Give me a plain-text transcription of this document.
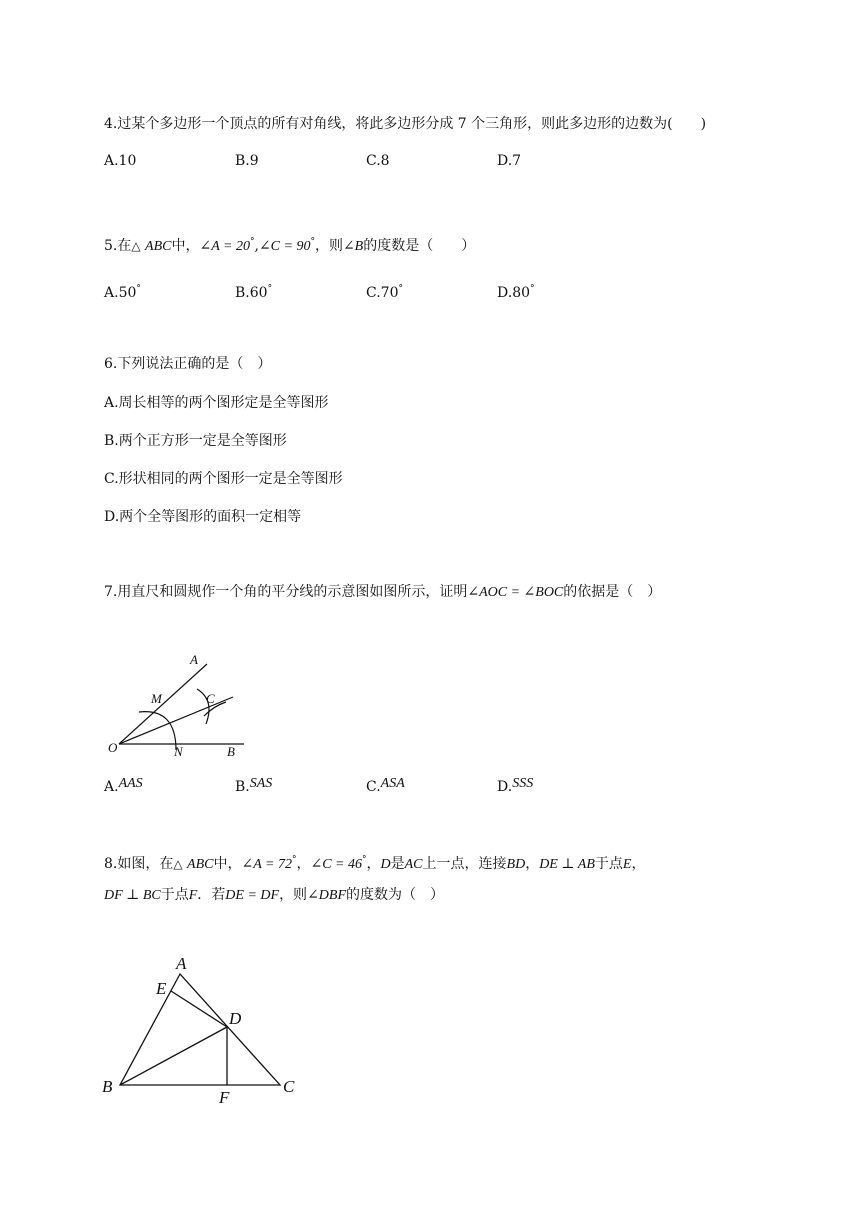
4.过某个多边形一个顶点的所有对角线，将此多边形分成 7 个三角形，则此多边形的边数为(　　)
A.10	B.9	C.8	D.7
5.在△ ABC中，∠A = 20°,∠C = 90°，则∠B的度数是（　　）
A.50°	B.60°	C.70°	D.80°
6.下列说法正确的是（　）
A.周长相等的两个图形定是全等图形
B.两个正方形一定是全等图形
C.形状相同的两个图形一定是全等图形
D.两个全等图形的面积一定相等
7.用直尺和圆规作一个角的平分线的示意图如图所示，证明∠AOC = ∠BOC的依据是（　）
A
M	C
O	N	B
A
E
D
B
F
C
A.AAS	B.SAS	C.ASA	D.SSS
8.如图，在△ ABC中，∠A = 72°，∠C = 46°，D是AC上一点，连接BD，DE ⊥ AB于点E，
DF ⊥ BC于点F．若DE = DF，则∠DBF的度数为（　）
